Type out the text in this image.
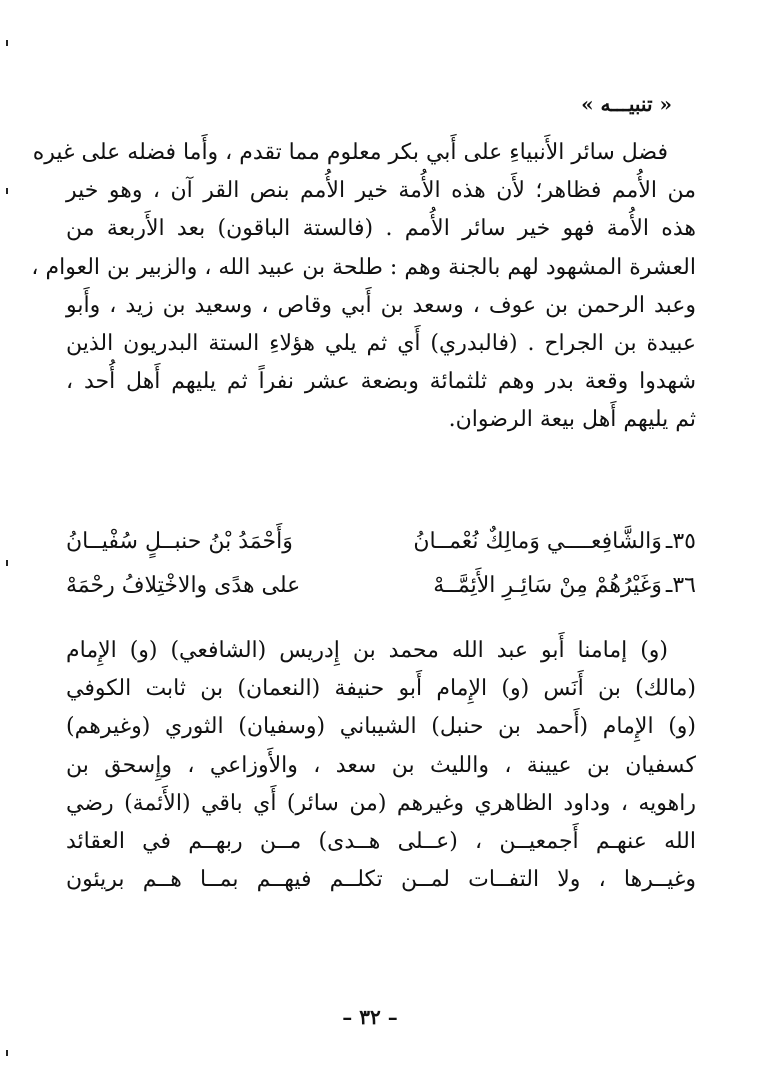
« تنبيـــه »
فضل سائر الأَنبياءِ على أَبي بكر معلوم مما تقدم ، وأَما فضله على غيره
من الأُمم فظاهر؛ لأَن هذه الأُمة خير الأُمم بنص القر آن ، وهو خير
هذه الأُمة فهو خير سائر الأُمم . (فالستة الباقون) بعد الأَربعة من
العشرة المشهود لهم بالجنة وهم : طلحة بن عبيد الله ، والزبير بن العوام ،
وعبد الرحمن بن عوف ، وسعد بن أَبي وقاص ، وسعيد بن زيد ، وأَبو
عبيدة بن الجراح . (فالبدري) أَي ثم يلي هؤلاءِ الستة البدريون الذين
شهدوا وقعة بدر وهم ثلثمائة وبضعة عشر نفراً ثم يليهم أَهل أُحد ،
ثم يليهم أَهل بيعة الرضوان.
٣٥ـوَالشَّافِعــــي وَمالِكٌ نُعْمــانُ
وَأَحْمَدُ بْنُ حنبــلٍ سُفْيــانُ
٣٦ـوَغَيْرُهُمْ مِنْ سَائِـرِ الأَئِمَّــهْ
على هدًى والاخْتِلافُ رحْمَهْ
(و) إمامنا أَبو عبد الله محمد بن إِدريس (الشافعي) (و) الإِمام
(مالك) بن أَنَس (و) الإِمام أَبو حنيفة (النعمان) بن ثابت الكوفي
(و) الإِمام (أَحمد بن حنبل) الشيباني (وسفيان) الثوري (وغيرهم)
كسفيان بن عيينة ، والليث بن سعد ، والأَوزاعي ، وإِسحق بن
راهويه ، وداود الظاهري وغيرهم (من سائر) أَي باقي (الأَئمة) رضي
الله عنهـم أَجمعيــن ، (عــلى هــدى) مــن ربهــم في العقائد
وغيــرها ، ولا التفــات لمــن تكلــم فيهــم بمــا هــم بريئون
– ٣٢ –
